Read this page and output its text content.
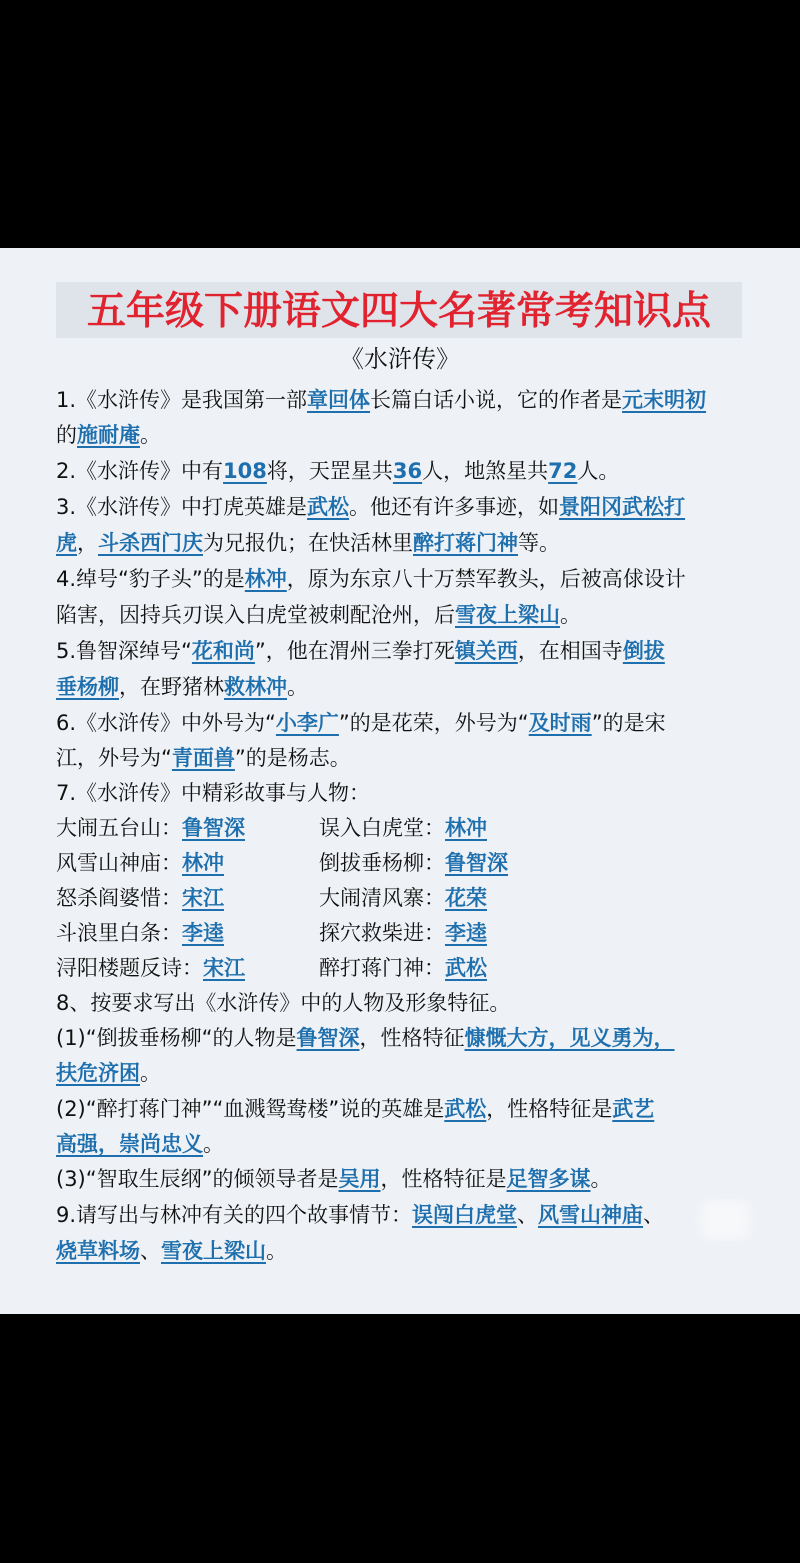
五年级下册语文四大名著常考知识点
《水浒传》
1.《水浒传》是我国第一部章回体长篇白话小说，它的作者是元末明初
的施耐庵。
2.《水浒传》中有108将，天罡星共36人，地煞星共72人。
3.《水浒传》中打虎英雄是武松。他还有许多事迹，如景阳冈武松打
虎，斗杀西门庆为兄报仇；在快活林里醉打蒋门神等。
4.绰号“豹子头”的是林冲，原为东京八十万禁军教头，后被高俅设计
陷害，因持兵刃误入白虎堂被刺配沧州，后雪夜上梁山。
5.鲁智深绰号“花和尚”，他在渭州三拳打死镇关西，在相国寺倒拔
垂杨柳，在野猪林救林冲。
6.《水浒传》中外号为“小李广”的是花荣，外号为“及时雨”的是宋
江，外号为“青面兽”的是杨志。
7.《水浒传》中精彩故事与人物：
大闹五台山：鲁智深	误入白虎堂：林冲
风雪山神庙：林冲	倒拔垂杨柳：鲁智深
怒杀阎婆惜：宋江	大闹清风寨：花荣
斗浪里白条：李逵	探穴救柴进：李逵
浔阳楼题反诗：宋江	醉打蒋门神：武松
8、按要求写出《水浒传》中的人物及形象特征。
(1)“倒拔垂杨柳“的人物是鲁智深，性格特征慷慨大方，见义勇为，
扶危济困。
(2)“醉打蒋门神”“血溅鸳鸯楼”说的英雄是武松，性格特征是武艺
高强，崇尚忠义。
(3)“智取生辰纲”的倾领导者是吴用，性格特征是足智多谋。
9.请写出与林冲有关的四个故事情节：误闯白虎堂、风雪山神庙、
烧草料场、雪夜上梁山。
